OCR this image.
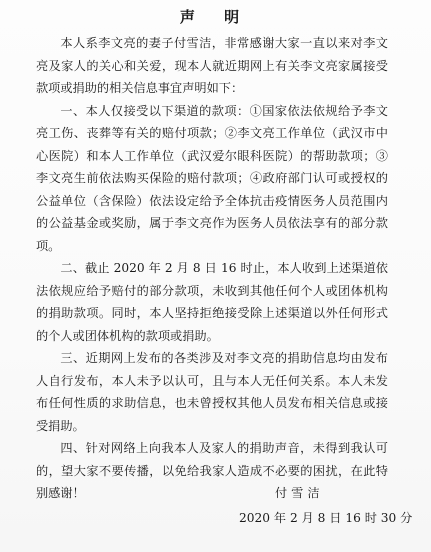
声 明

本人系李文亮的妻子付雪洁，非常感谢大家一直以来对李文亮及家人的关心和关爱，现本人就近期网上有关李文亮家属接受款项或捐助的相关信息事宜声明如下：

一、本人仅接受以下渠道的款项：①国家依法依规给予李文亮工伤、丧葬等有关的赔付项款；②李文亮工作单位（武汉市中心医院）和本人工作单位（武汉爱尔眼科医院）的帮助款项；③李文亮生前依法购买保险的赔付款项；④政府部门认可或授权的公益单位（含保险）依法设定给予全体抗击疫情医务人员范围内的公益基金或奖励，属于李文亮作为医务人员依法享有的部分款项。

二、截止 2020 年 2 月 8 日 16 时止，本人收到上述渠道依法依规应给予赔付的部分款项，未收到其他任何个人或团体机构的捐助款项。同时，本人坚持拒绝接受除上述渠道以外任何形式的个人或团体机构的款项或捐助。

三、近期网上发布的各类涉及对李文亮的捐助信息均由发布人自行发布，本人未予以认可，且与本人无任何关系。本人未发布任何性质的求助信息，也未曾授权其他人员发布相关信息或接受捐助。

四、针对网络上向我本人及家人的捐助声音，未得到我认可的，望大家不要传播，以免给我家人造成不必要的困扰，在此特别感谢！	付雪洁
2020 年 2 月 8 日 16 时 30 分
